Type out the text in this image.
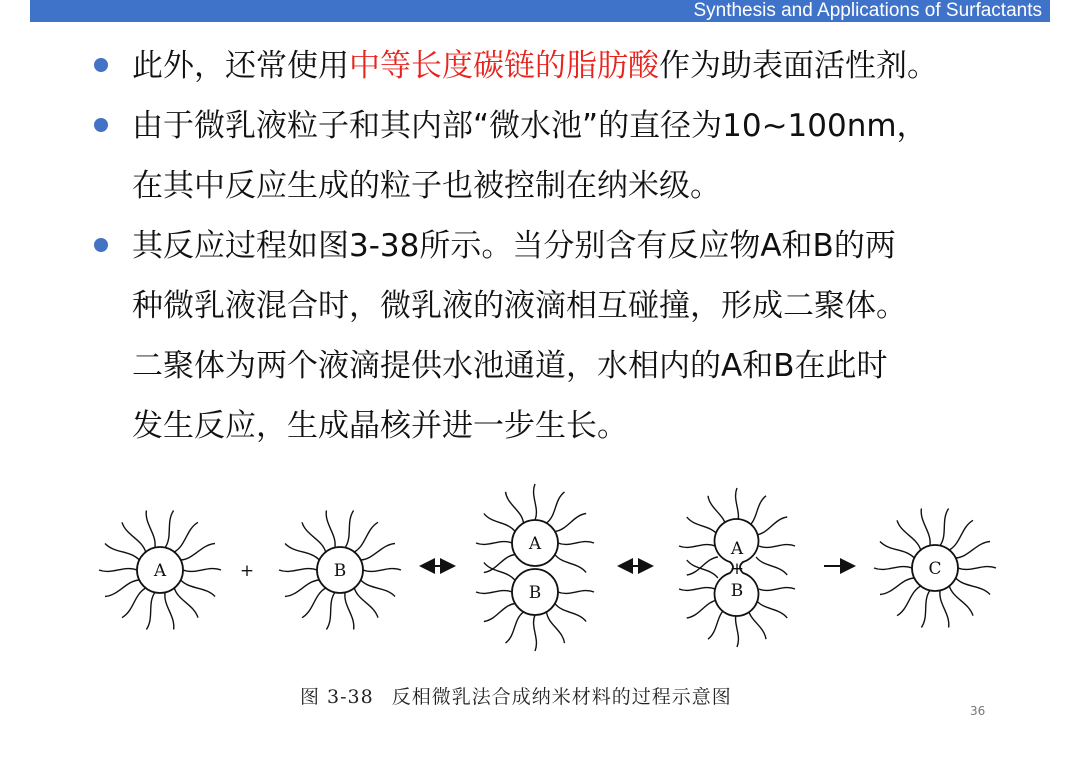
Synthesis and Applications of Surfactants
此外，还常使用中等长度碳链的脂肪酸作为助表面活性剂。
由于微乳液粒子和其内部“微水池”的直径为10~100nm，
在其中反应生成的粒子也被控制在纳米级。
其反应过程如图3-38所示。当分别含有反应物A和B的两
种微乳液混合时，微乳液的液滴相互碰撞，形成二聚体。
二聚体为两个液滴提供水池通道，水相内的A和B在此时
发生反应，生成晶核并进一步生长。
A	+	B
A
B
A
+
B
C
图 3-38 反相微乳法合成纳米材料的过程示意图
36
